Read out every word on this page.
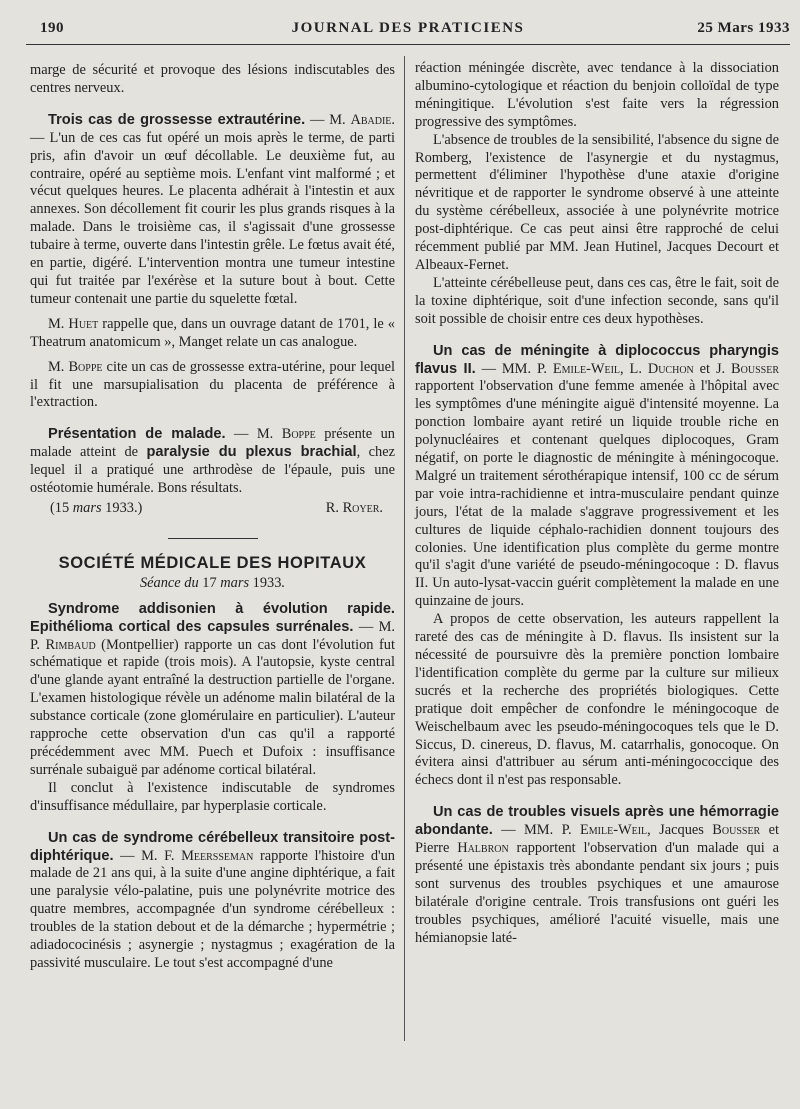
190	JOURNAL DES PRATICIENS	25 Mars 1933

marge de sécurité et provoque des lésions indiscutables des centres nerveux.

Trois cas de grossesse extrautérine. — M. Abadie. — L'un de ces cas fut opéré un mois après le terme, de parti pris, afin d'avoir un œuf décollable. Le deuxième fut, au contraire, opéré au septième mois. L'enfant vint malformé ; et vécut quelques heures. Le placenta adhérait à l'intestin et aux annexes. Son décollement fit courir les plus grands risques à la malade. Dans le troisième cas, il s'agissait d'une grossesse tubaire à terme, ouverte dans l'intestin grêle. Le fœtus avait été, en partie, digéré. L'intervention montra une tumeur intestine qui fut traitée par l'exérèse et la suture bout à bout. Cette tumeur contenait une partie du squelette fœtal.

M. Huet rappelle que, dans un ouvrage datant de 1701, le « Theatrum anatomicum », Manget relate un cas analogue.

M. Boppe cite un cas de grossesse extra-utérine, pour lequel il fit une marsupialisation du placenta de préférence à l'extraction.

Présentation de malade. — M. Boppe présente un malade atteint de paralysie du plexus brachial, chez lequel il a pratiqué une arthrodèse de l'épaule, puis une ostéotomie humérale. Bons résultats.

(15 mars 1933.)	R. Royer.
SOCIÉTÉ MÉDICALE DES HOPITAUX
Séance du 17 mars 1933.

Syndrome addisonien à évolution rapide. Epithélioma cortical des capsules surrénales. — M. P. Rimbaud (Montpellier) rapporte un cas dont l'évolution fut schématique et rapide (trois mois). A l'autopsie, kyste central d'une glande ayant entraîné la destruction partielle de l'organe. L'examen histologique révèle un adénome malin bilatéral de la substance corticale (zone glomérulaire en particulier). L'auteur rapproche cette observation d'un cas qu'il a rapporté précédemment avec MM. Puech et Dufoix : insuffisance surrénale subaiguë par adénome cortical bilatéral.

Il conclut à l'existence indiscutable de syndromes d'insuffisance médullaire, par hyperplasie corticale.

Un cas de syndrome cérébelleux transitoire post-diphtérique. — M. F. Meersseman rapporte l'histoire d'un malade de 21 ans qui, à la suite d'une angine diphtérique, a fait une paralysie vélo-palatine, puis une polynévrite motrice des quatre membres, accompagnée d'un syndrome cérébelleux : troubles de la station debout et de la démarche ; hypermétrie ; adiadococinésis ; asynergie ; nystagmus ; exagération de la passivité musculaire. Le tout s'est accompagné d'une

réaction méningée discrète, avec tendance à la dissociation albumino-cytologique et réaction du benjoin colloïdal de type méningitique. L'évolution s'est faite vers la régression progressive des symptômes.

L'absence de troubles de la sensibilité, l'absence du signe de Romberg, l'existence de l'asynergie et du nystagmus, permettent d'éliminer l'hypothèse d'une ataxie d'origine névritique et de rapporter le syndrome observé à une atteinte du système cérébelleux, associée à une polynévrite motrice post-diphtérique. Ce cas peut ainsi être rapproché de celui récemment publié par MM. Jean Hutinel, Jacques Decourt et Albeaux-Fernet.

L'atteinte cérébelleuse peut, dans ces cas, être le fait, soit de la toxine diphtérique, soit d'une infection seconde, sans qu'il soit possible de choisir entre ces deux hypothèses.

Un cas de méningite à diplococcus pharyngis flavus II. — MM. P. Emile-Weil, L. Duchon et J. Bousser rapportent l'observation d'une femme amenée à l'hôpital avec les symptômes d'une méningite aiguë d'intensité moyenne. La ponction lombaire ayant retiré un liquide trouble riche en polynucléaires et contenant quelques diplocoques, Gram négatif, on porte le diagnostic de méningite à méningocoque. Malgré un traitement sérothérapique intensif, 100 cc de sérum par voie intra-rachidienne et intra-musculaire pendant quinze jours, l'état de la malade s'aggrave progressivement et les cultures de liquide céphalo-rachidien donnent toujours des colonies. Une identification plus complète du germe montre qu'il s'agit d'une variété de pseudo-méningocoque : D. flavus II. Un auto-lysat-vaccin guérit complètement la malade en une quinzaine de jours.

A propos de cette observation, les auteurs rappellent la rareté des cas de méningite à D. flavus. Ils insistent sur la nécessité de poursuivre dès la première ponction lombaire l'identification complète du germe par la culture sur milieux sucrés et la recherche des propriétés biologiques. Cette pratique doit empêcher de confondre le méningocoque de Weischelbaum avec les pseudo-méningocoques tels que le D. Siccus, D. cinereus, D. flavus, M. catarrhalis, gonocoque. On évitera ainsi d'attribuer au sérum anti-méningococcique des échecs dont il n'est pas responsable.

Un cas de troubles visuels après une hémorragie abondante. — MM. P. Emile-Weil, Jacques Bousser et Pierre Halbron rapportent l'observation d'un malade qui a présenté une épistaxis très abondante pendant six jours ; puis sont survenus des troubles psychiques et une amaurose bilatérale d'origine centrale. Trois transfusions ont guéri les troubles psychiques, amélioré l'acuité visuelle, mais une hémianopsie laté-
